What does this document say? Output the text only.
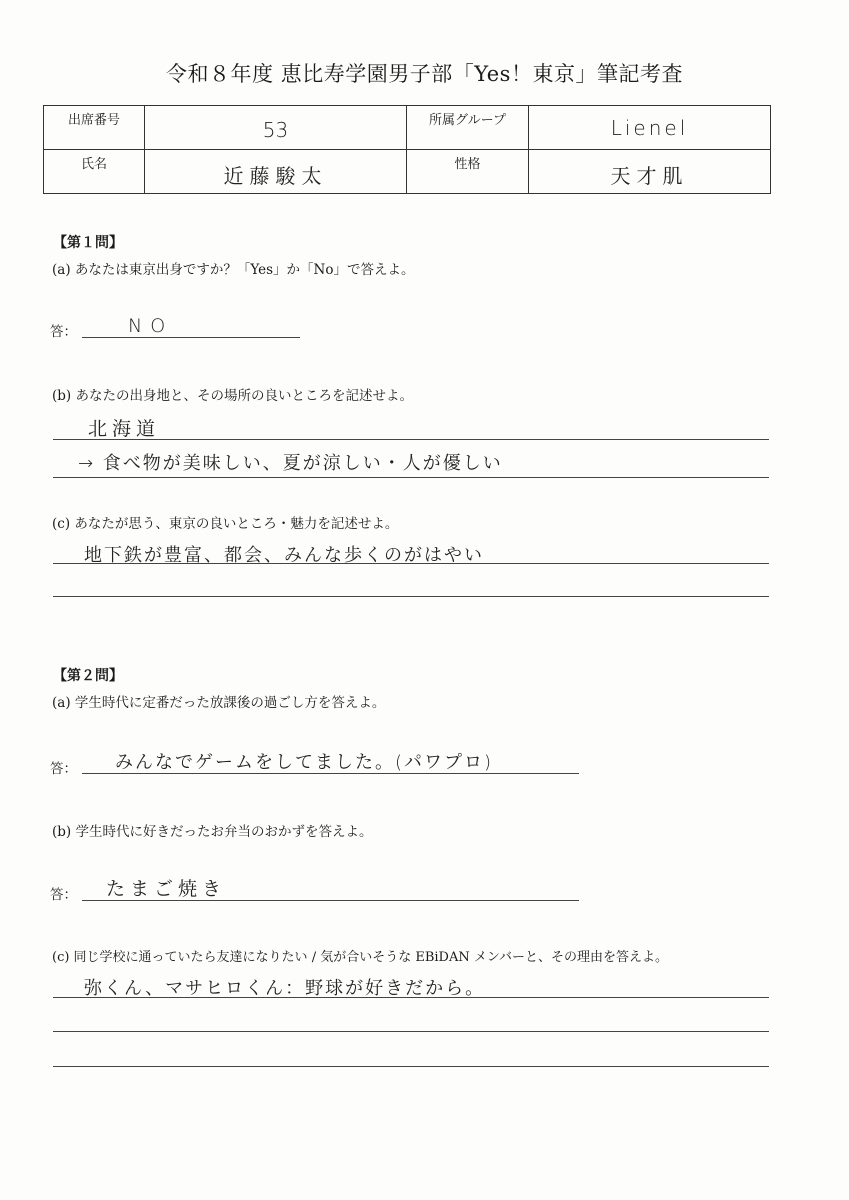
令和８年度 恵比寿学園男子部「Yes！東京」筆記考査
出席番号	53	所属グループ	Lienel

氏名	近藤駿太	性格	天才肌
【第１問】
(a) あなたは東京出身ですか？「Yes」か「No」で答えよ。
答：	NO
(b) あなたの出身地と、その場所の良いところを記述せよ。
北海道
→ 食べ物が美味しい、夏が涼しい・人が優しい
(c) あなたが思う、東京の良いところ・魅力を記述せよ。
地下鉄が豊富、都会、みんな歩くのがはやい
【第２問】
(a) 学生時代に定番だった放課後の過ごし方を答えよ。
答： みんなでゲームをしてました。(パワプロ)
(b) 学生時代に好きだったお弁当のおかずを答えよ。
答： たまご焼き
(c) 同じ学校に通っていたら友達になりたい / 気が合いそうな EBiDAN メンバーと、その理由を答えよ。
弥くん、マサヒロくん：野球が好きだから。
